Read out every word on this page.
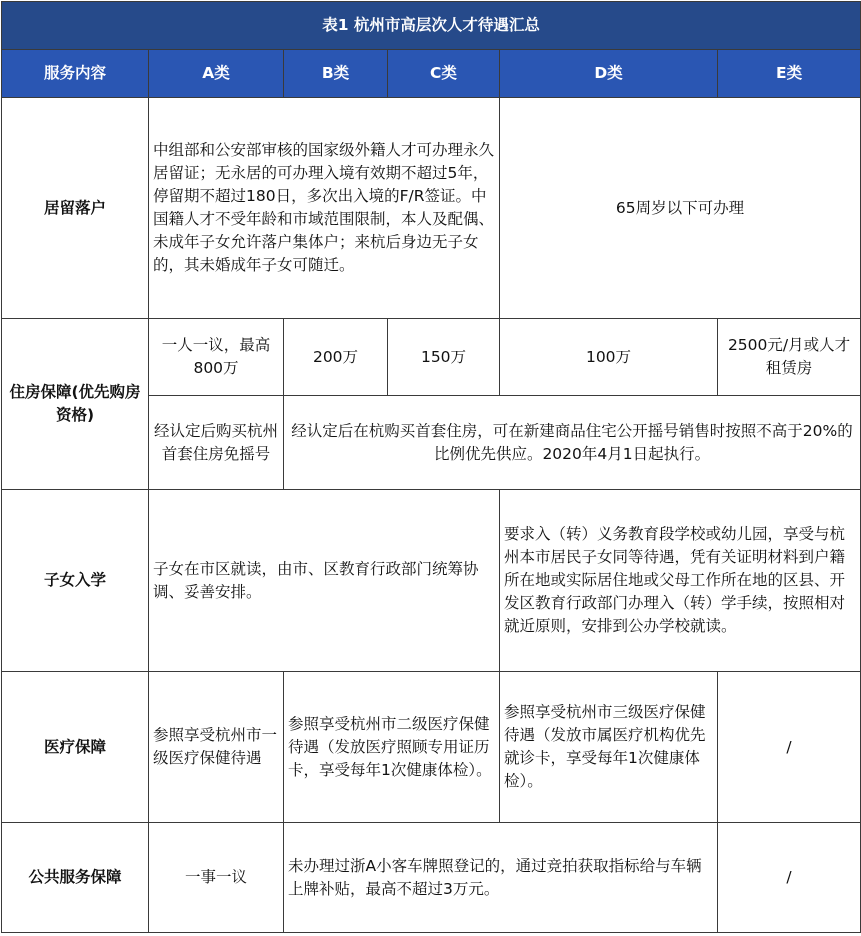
表1 杭州市高层次人才待遇汇总					
服务内容	A类	B类	C类	D类	E类
居留落户	中组部和公安部审核的国家级外籍人才可办理永久居留证；无永居的可办理入境有效期不超过5年，停留期不超过180日，多次出入境的F/R签证。中国籍人才不受年龄和市域范围限制，本人及配偶、未成年子女允许落户集体户；来杭后身边无子女的，其未婚成年子女可随迁。			65周岁以下可办理	
住房保障(优先购房资格)	一人一议，最高800万	200万	150万	100万	2500元/月或人才租赁房
	经认定后购买杭州首套住房免摇号	经认定后在杭购买首套住房，可在新建商品住宅公开摇号销售时按照不高于20%的比例优先供应。2020年4月1日起执行。			
子女入学	子女在市区就读，由市、区教育行政部门统筹协调、妥善安排。			要求入（转）义务教育段学校或幼儿园，享受与杭州本市居民子女同等待遇，凭有关证明材料到户籍所在地或实际居住地或父母工作所在地的区县、开发区教育行政部门办理入（转）学手续，按照相对就近原则，安排到公办学校就读。	
医疗保障	参照享受杭州市一级医疗保健待遇	参照享受杭州市二级医疗保健待遇（发放医疗照顾专用证历卡，享受每年1次健康体检）。		参照享受杭州市三级医疗保健待遇（发放市属医疗机构优先就诊卡，享受每年1次健康体检）。	/
公共服务保障	一事一议	未办理过浙A小客车牌照登记的，通过竞拍获取指标给与车辆上牌补贴，最高不超过3万元。			/
